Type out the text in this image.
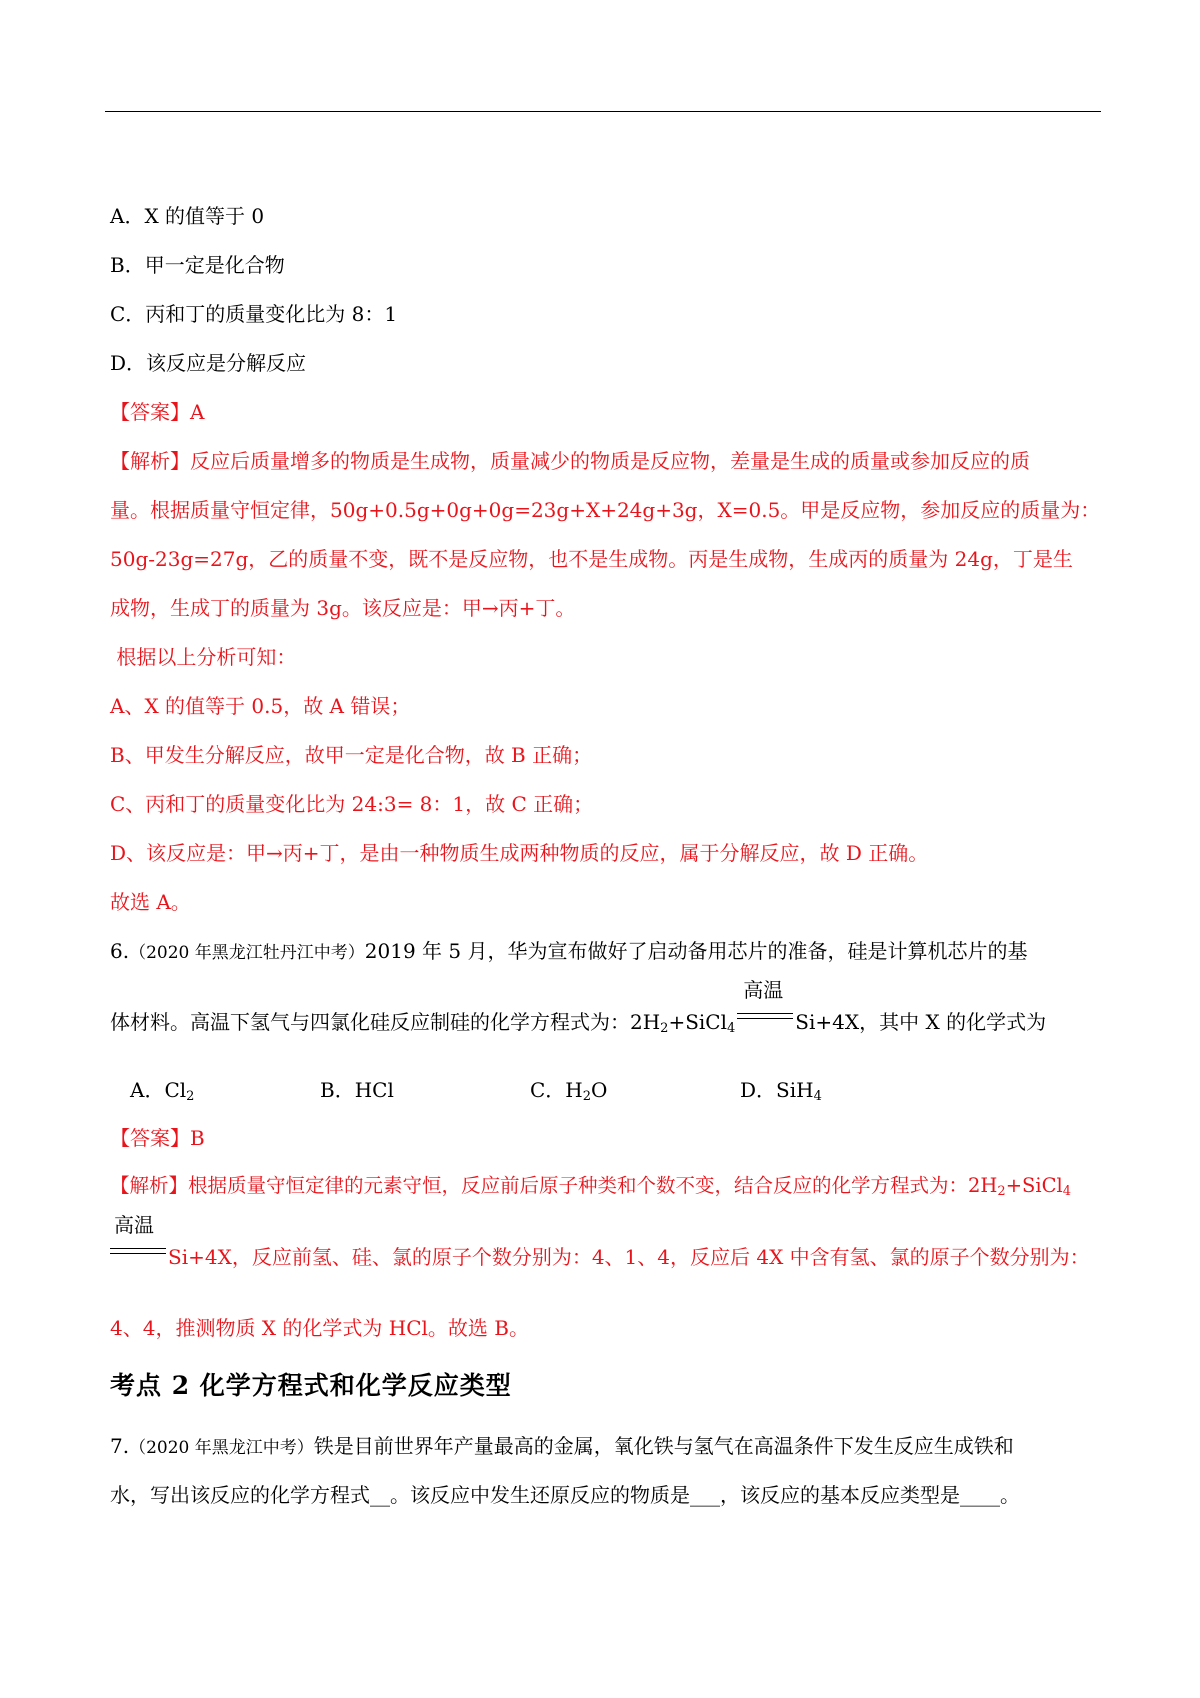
A．X 的值等于 0
B．甲一定是化合物
C．丙和丁的质量变化比为 8：1
D．该反应是分解反应
【答案】A
【解析】反应后质量增多的物质是生成物，质量减少的物质是反应物，差量是生成的质量或参加反应的质
量。根据质量守恒定律，50g+0.5g+0g+0g=23g+X+24g+3g，X=0.5。甲是反应物，参加反应的质量为：
50g-23g=27g，乙的质量不变，既不是反应物，也不是生成物。丙是生成物，生成丙的质量为 24g，丁是生
成物，生成丁的质量为 3g。该反应是：甲→丙+丁。
根据以上分析可知：
A、X 的值等于 0.5，故 A 错误；
B、甲发生分解反应，故甲一定是化合物，故 B 正确；
C、丙和丁的质量变化比为 24:3= 8：1，故 C 正确；
D、该反应是：甲→丙+丁，是由一种物质生成两种物质的反应，属于分解反应，故 D 正确。
故选 A。
6.（2020 年黑龙江牡丹江中考）2019 年 5 月，华为宣布做好了启动备用芯片的准备，硅是计算机芯片的基
体材料。高温下氢气与四氯化硅反应制硅的化学方程式为：$2H_2+SiCl_4$
高温
Si+4X，其中 X 的化学式为
A．$Cl_2$	B．HCl	C．$H_2O$	D．SiH$_4$
【答案】B
【解析】根据质量守恒定律的元素守恒，反应前后原子种类和个数不变，结合反应的化学方程式为：$2H_2+SiCl_4$
高温
Si+4X，反应前氢、硅、氯的原子个数分别为：4、1、4，反应后 4X 中含有氢、氯的原子个数分别为：
4、4，推测物质 X 的化学式为 HCl。故选 B。
考点 2 化学方程式和化学反应类型
7.（2020 年黑龙江中考）铁是目前世界年产量最高的金属，氧化铁与氢气在高温条件下发生反应生成铁和
水，写出该反应的化学方程式__。该反应中发生还原反应的物质是___，该反应的基本反应类型是____。
